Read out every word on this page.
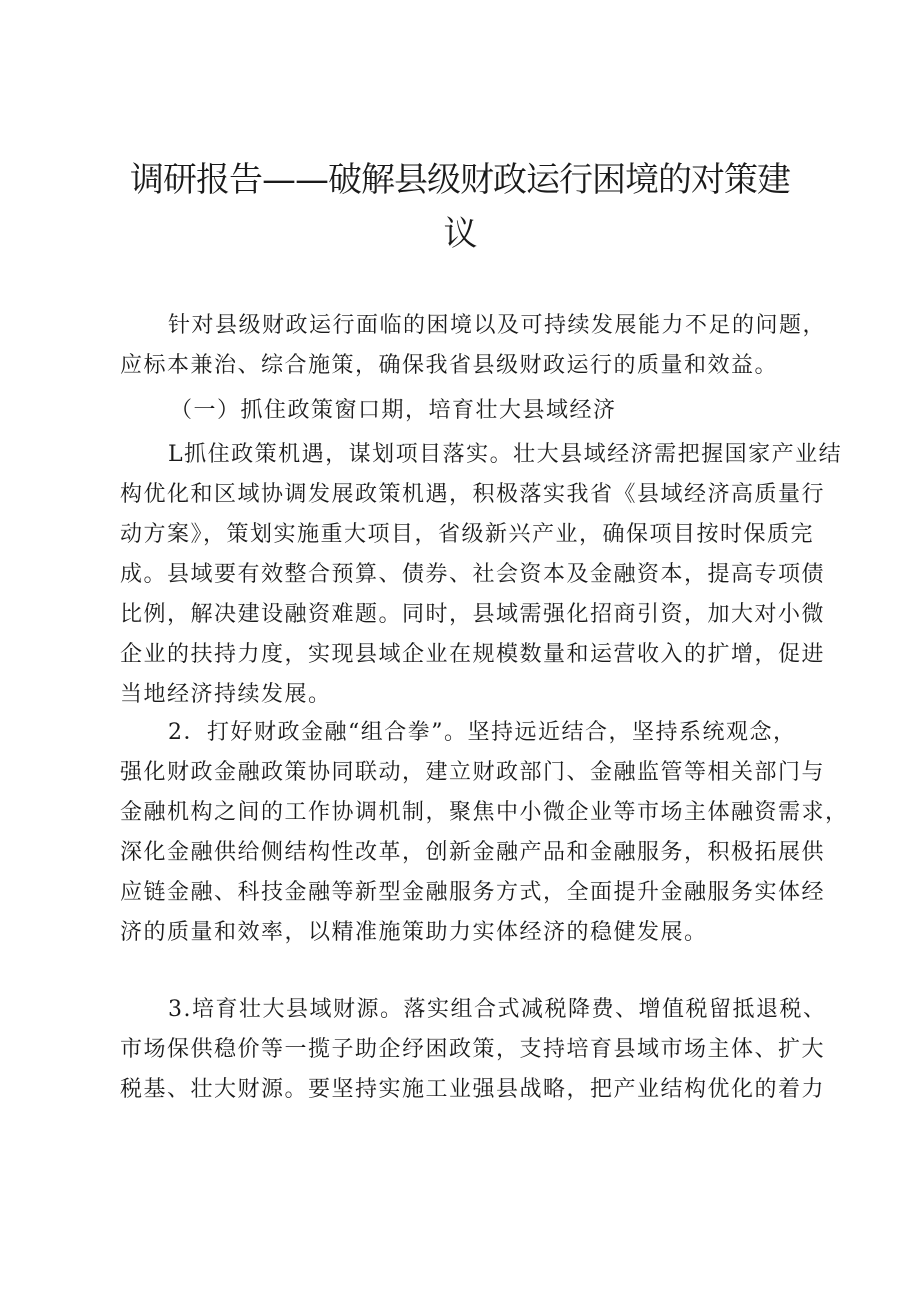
调研报告——破解县级财政运行困境的对策建
议
针对县级财政运行面临的困境以及可持续发展能力不足的问题，
应标本兼治、综合施策，确保我省县级财政运行的质量和效益。
（一）抓住政策窗口期，培育壮大县域经济
L抓住政策机遇，谋划项目落实。壮大县域经济需把握国家产业结
构优化和区域协调发展政策机遇，积极落实我省《县域经济高质量行
动方案》，策划实施重大项目，省级新兴产业，确保项目按时保质完
成。县域要有效整合预算、债券、社会资本及金融资本，提高专项债
比例，解决建设融资难题。同时，县域需强化招商引资，加大对小微
企业的扶持力度，实现县域企业在规模数量和运营收入的扩增，促进
当地经济持续发展。
2．打好财政金融“组合拳”。坚持远近结合，坚持系统观念，
强化财政金融政策协同联动，建立财政部门、金融监管等相关部门与
金融机构之间的工作协调机制，聚焦中小微企业等市场主体融资需求，
深化金融供给侧结构性改革，创新金融产品和金融服务，积极拓展供
应链金融、科技金融等新型金融服务方式，全面提升金融服务实体经
济的质量和效率，以精准施策助力实体经济的稳健发展。
3.培育壮大县域财源。落实组合式减税降费、增值税留抵退税、
市场保供稳价等一揽子助企纾困政策，支持培育县域市场主体、扩大
税基、壮大财源。要坚持实施工业强县战略，把产业结构优化的着力
